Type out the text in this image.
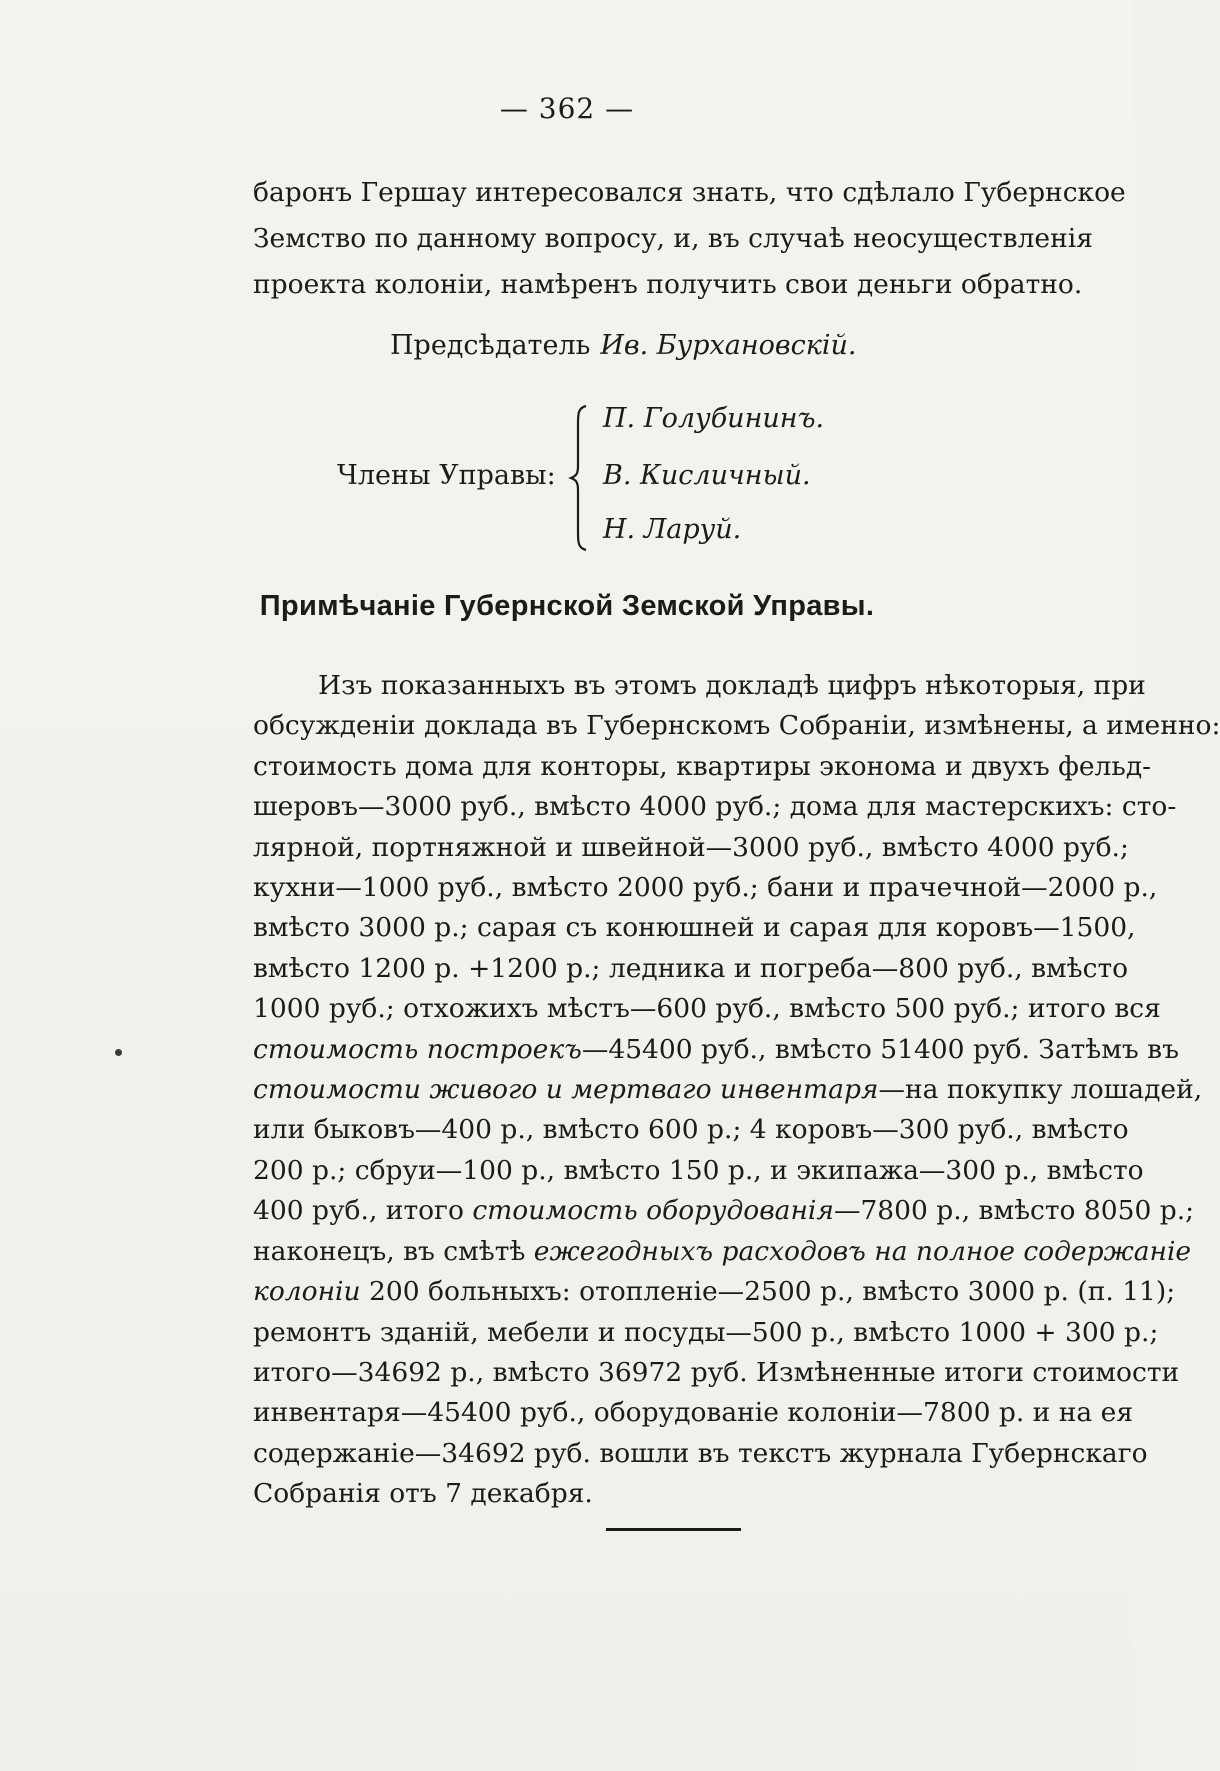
— 362 —
баронъ Гершау интересовался знать, что сдѣлало Губернское
Земство по данному вопросу, и, въ случаѣ неосуществленія
проекта колоніи, намѣренъ получить свои деньги обратно.
Предсѣдатель Ив. Бурхановскій.
Члены Управы:
П. Голубининъ.
В. Кисличный.
Н. Ларуй.
Примѣчаніе Губернской Земской Управы.
Изъ показанныхъ въ этомъ докладѣ цифръ нѣкоторыя, при
обсужденіи доклада въ Губернскомъ Собраніи, измѣнены, а именно:
стоимость дома для конторы, квартиры эконома и двухъ фельд-
шеровъ—3000 руб., вмѣсто 4000 руб.; дома для мастерскихъ: сто-
лярной, портняжной и швейной—3000 руб., вмѣсто 4000 руб.;
кухни—1000 руб., вмѣсто 2000 руб.; бани и прачечной—2000 р.,
вмѣсто 3000 р.; сарая съ конюшней и сарая для коровъ—1500,
вмѣсто 1200 р. +1200 р.; ледника и погреба—800 руб., вмѣсто
1000 руб.; отхожихъ мѣстъ—600 руб., вмѣсто 500 руб.; итого вся
стоимость построекъ—45400 руб., вмѣсто 51400 руб. Затѣмъ въ
стоимости живого и мертваго инвентаря—на покупку лошадей,
или быковъ—400 р., вмѣсто 600 р.; 4 коровъ—300 руб., вмѣсто
200 р.; сбруи—100 р., вмѣсто 150 р., и экипажа—300 р., вмѣсто
400 руб., итого стоимость оборудованія—7800 р., вмѣсто 8050 р.;
наконецъ, въ смѣтѣ ежегодныхъ расходовъ на полное содержаніе
колоніи 200 больныхъ: отопленіе—2500 р., вмѣсто 3000 р. (п. 11);
ремонтъ зданій, мебели и посуды—500 р., вмѣсто 1000 + 300 р.;
итого—34692 р., вмѣсто 36972 руб. Измѣненные итоги стоимости
инвентаря—45400 руб., оборудованіе колоніи—7800 р. и на ея
содержаніе—34692 руб. вошли въ текстъ журнала Губернскаго
Собранія отъ 7 декабря.
